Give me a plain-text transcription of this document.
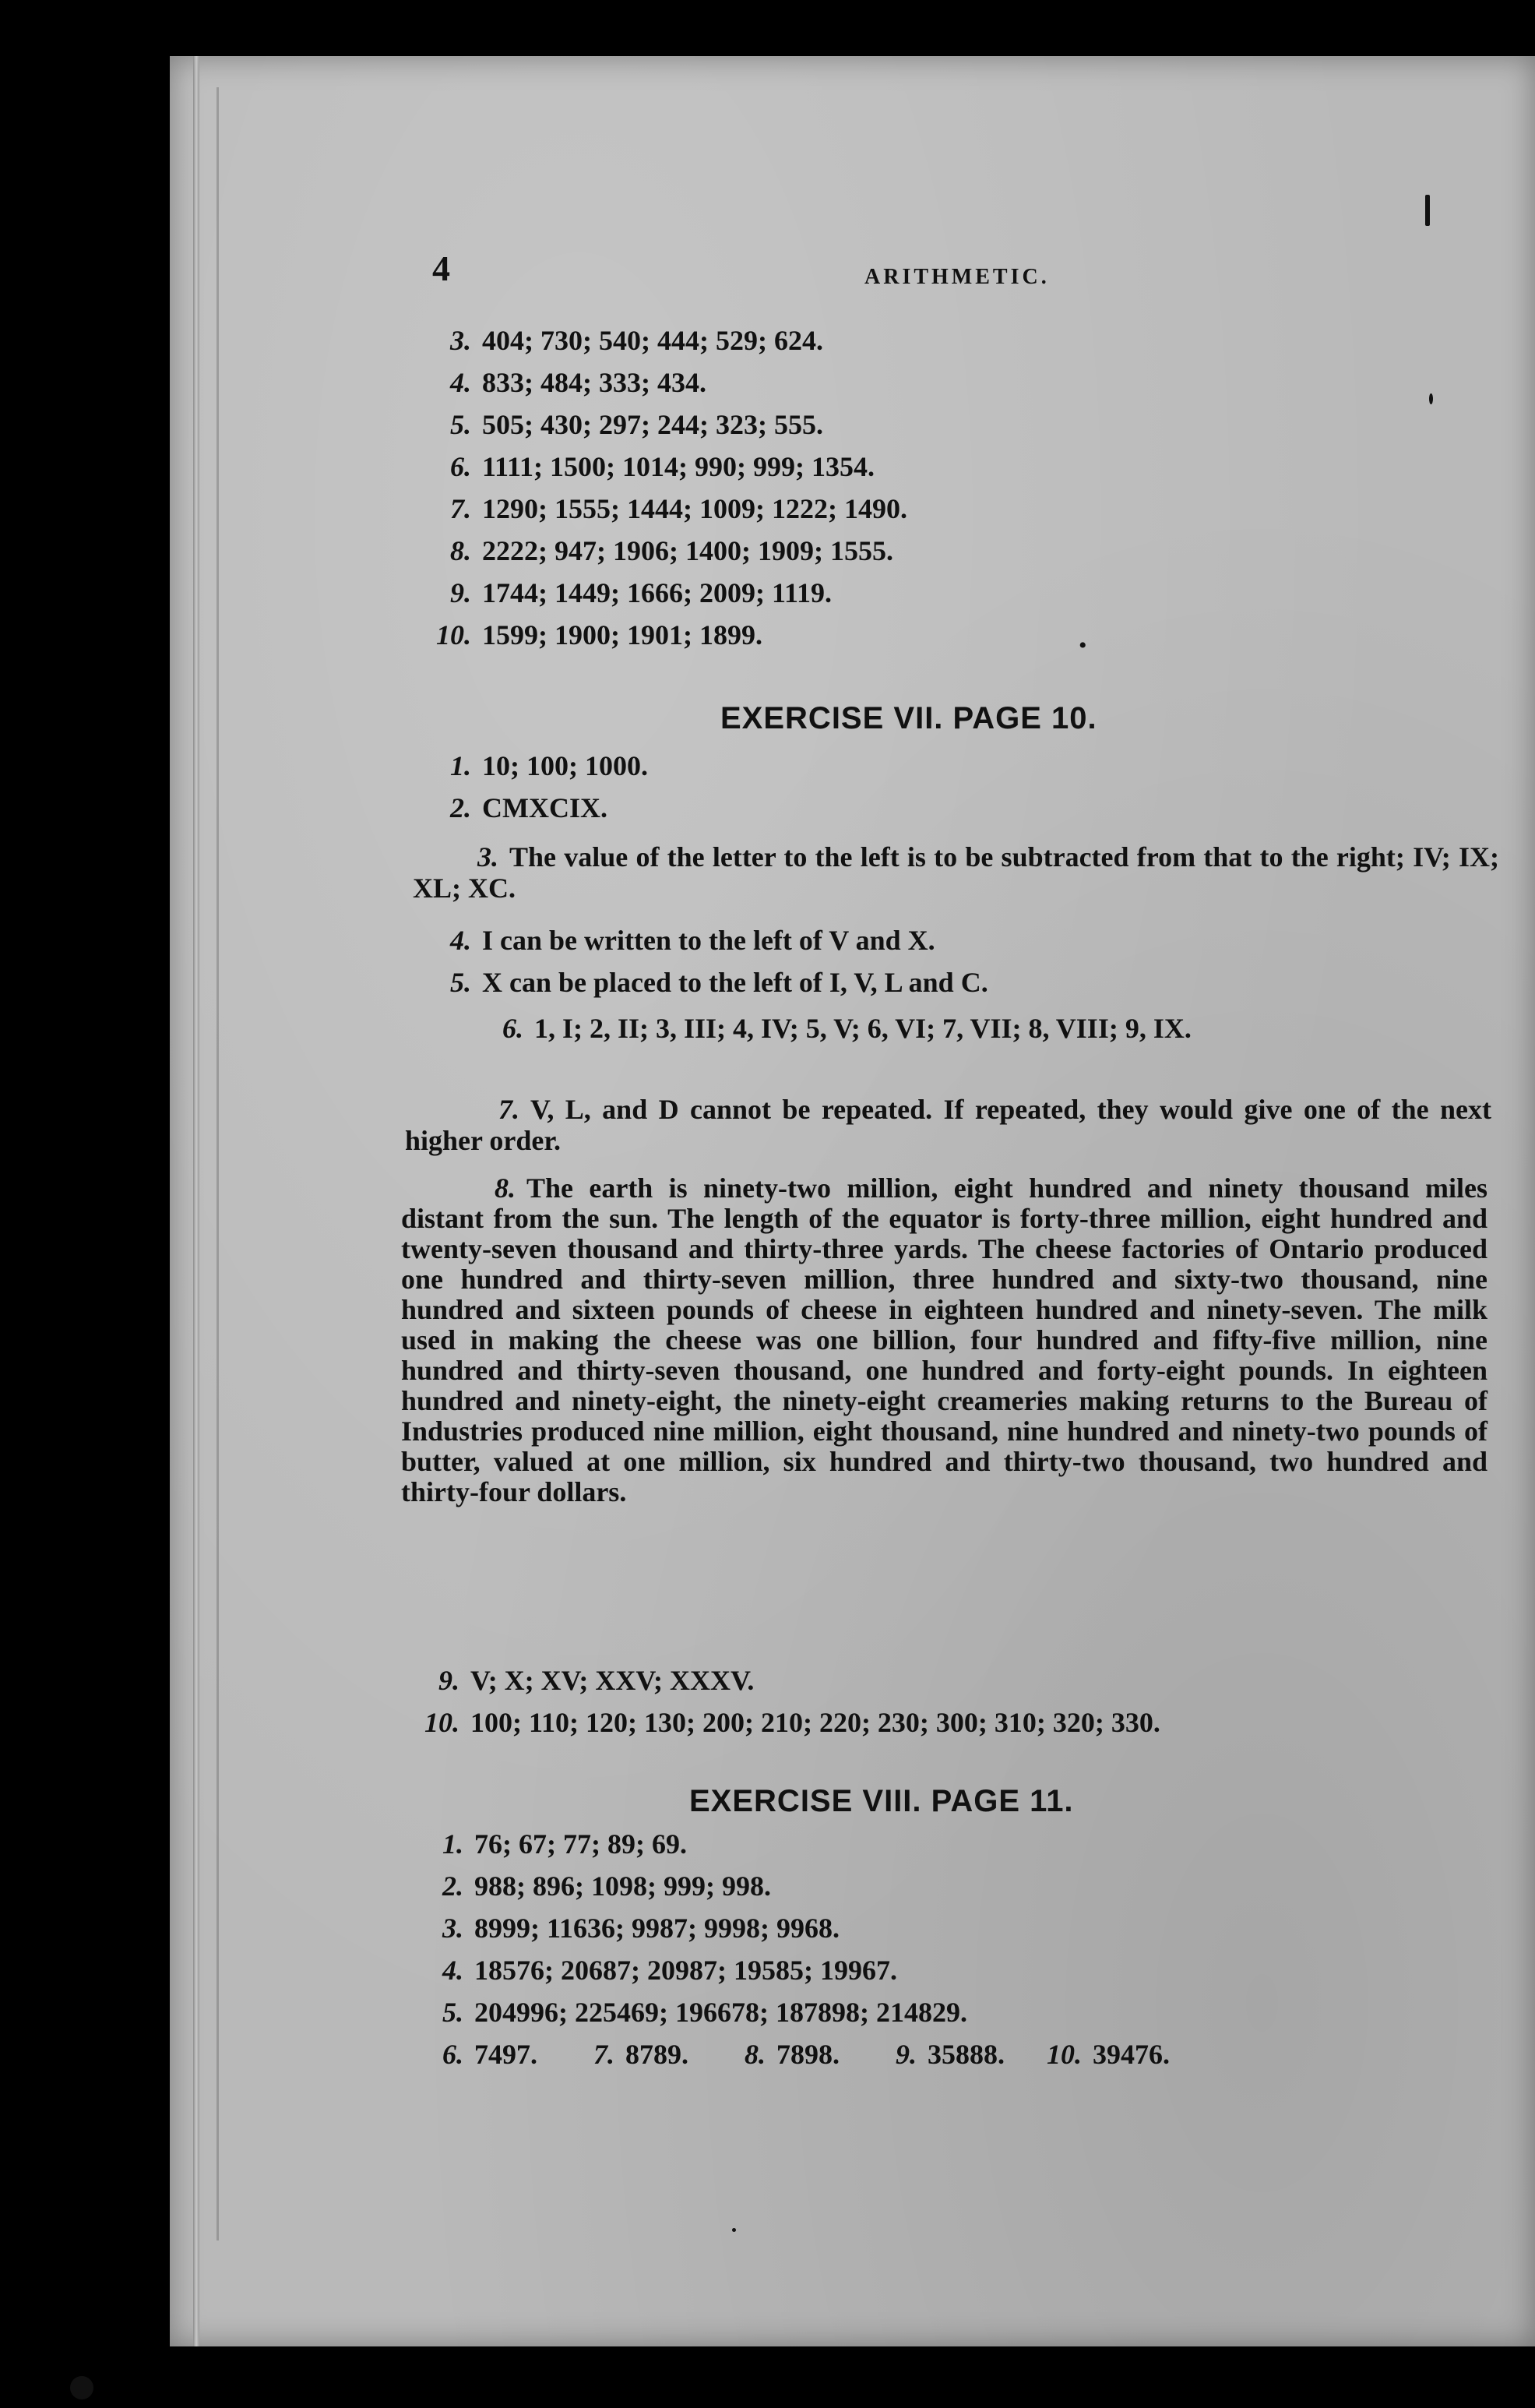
4	ARITHMETIC.
3. 404; 730; 540; 444; 529; 624.
4. 833; 484; 333; 434.
5. 505; 430; 297; 244; 323; 555.
6. 1111; 1500; 1014; 990; 999; 1354.
7. 1290; 1555; 1444; 1009; 1222; 1490.
8. 2222; 947; 1906; 1400; 1909; 1555.
9. 1744; 1449; 1666; 2009; 1119.
10. 1599; 1900; 1901; 1899.	•
EXERCISE VII. PAGE 10.
1. 10; 100; 1000.
2. CMXCIX.
3. The value of the letter to the left is to be subtracted from that to the right; IV; IX; XL; XC.
4. I can be written to the left of V and X.
5. X can be placed to the left of I, V, L and C.
6. 1, I; 2, II; 3, III; 4, IV; 5, V; 6, VI; 7, VII; 8, VIII; 9, IX.
7. V, L, and D cannot be repeated. If repeated, they would give one of the next higher order.
8. The earth is ninety-two million, eight hundred and ninety thousand miles distant from the sun. The length of the equator is forty-three million, eight hundred and twenty-seven thousand and thirty-three yards. The cheese factories of Ontario produced one hundred and thirty-seven million, three hundred and sixty-two thousand, nine hundred and sixteen pounds of cheese in eighteen hundred and ninety-seven. The milk used in making the cheese was one billion, four hundred and fifty-five million, nine hundred and thirty-seven thousand, one hundred and forty-eight pounds. In eighteen hundred and ninety-eight, the ninety-eight creameries making returns to the Bureau of Industries produced nine million, eight thousand, nine hundred and ninety-two pounds of butter, valued at one million, six hundred and thirty-two thousand, two hundred and thirty-four dollars.
9. V; X; XV; XXV; XXXV.
10. 100; 110; 120; 130; 200; 210; 220; 230; 300; 310; 320; 330.
EXERCISE VIII. PAGE 11.
1. 76; 67; 77; 89; 69.
2. 988; 896; 1098; 999; 998.
3. 8999; 11636; 9987; 9998; 9968.
4. 18576; 20687; 20987; 19585; 19967.
5. 204996; 225469; 196678; 187898; 214829.
6. 7497. 7. 8789. 8. 7898. 9. 35888. 10. 39476.
